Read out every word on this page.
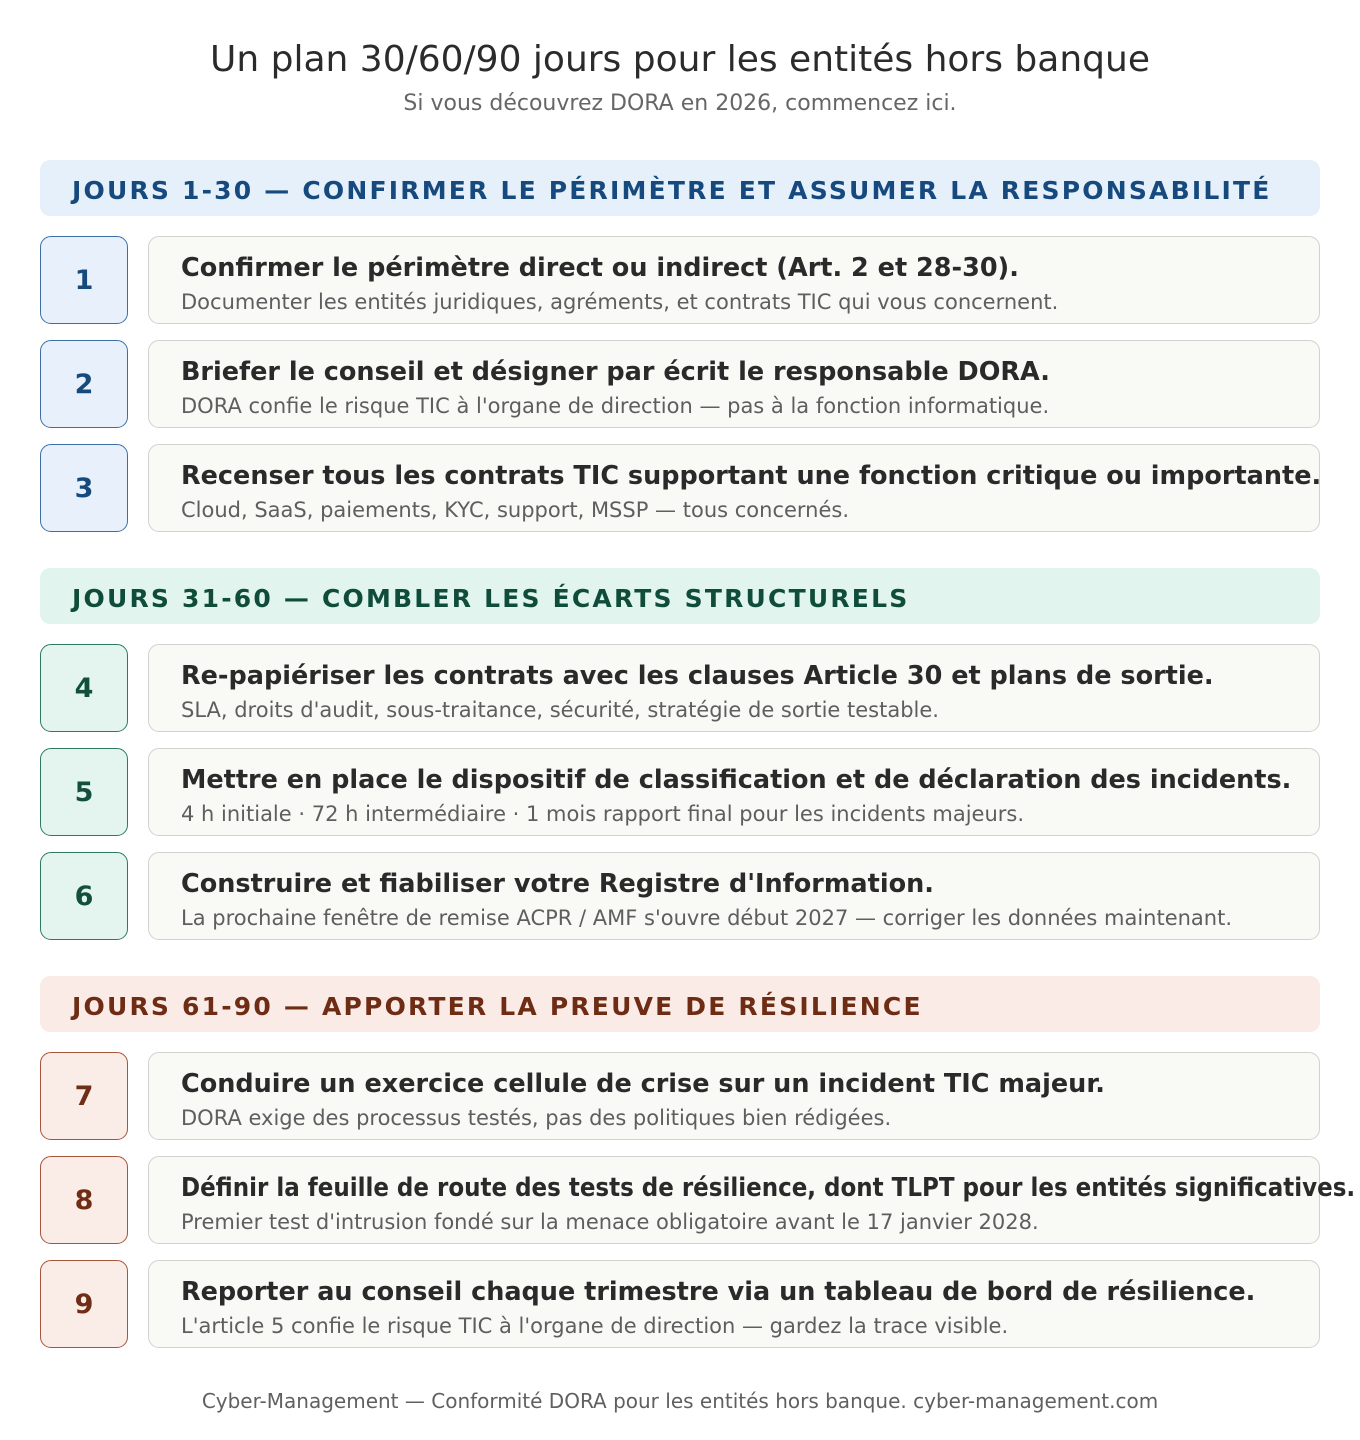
Un plan 30/60/90 jours pour les entités hors banque
Si vous découvrez DORA en 2026, commencez ici.
JOURS 1-30 — CONFIRMER LE PÉRIMÈTRE ET ASSUMER LA RESPONSABILITÉ
1	Confirmer le périmètre direct ou indirect (Art. 2 et 28-30).
Documenter les entités juridiques, agréments, et contrats TIC qui vous concernent.
2	Briefer le conseil et désigner par écrit le responsable DORA.
DORA confie le risque TIC à l'organe de direction — pas à la fonction informatique.
3	Recenser tous les contrats TIC supportant une fonction critique ou importante.
Cloud, SaaS, paiements, KYC, support, MSSP — tous concernés.
JOURS 31-60 — COMBLER LES ÉCARTS STRUCTURELS
4	Re-papiériser les contrats avec les clauses Article 30 et plans de sortie.
SLA, droits d'audit, sous-traitance, sécurité, stratégie de sortie testable.
5	Mettre en place le dispositif de classification et de déclaration des incidents.
4 h initiale · 72 h intermédiaire · 1 mois rapport final pour les incidents majeurs.
6	Construire et fiabiliser votre Registre d'Information.
La prochaine fenêtre de remise ACPR / AMF s'ouvre début 2027 — corriger les données maintenant.
JOURS 61-90 — APPORTER LA PREUVE DE RÉSILIENCE
7	Conduire un exercice cellule de crise sur un incident TIC majeur.
DORA exige des processus testés, pas des politiques bien rédigées.
8	Définir la feuille de route des tests de résilience, dont TLPT pour les entités significatives.
Premier test d'intrusion fondé sur la menace obligatoire avant le 17 janvier 2028.
9	Reporter au conseil chaque trimestre via un tableau de bord de résilience.
L'article 5 confie le risque TIC à l'organe de direction — gardez la trace visible.
Cyber-Management — Conformité DORA pour les entités hors banque. cyber-management.com
